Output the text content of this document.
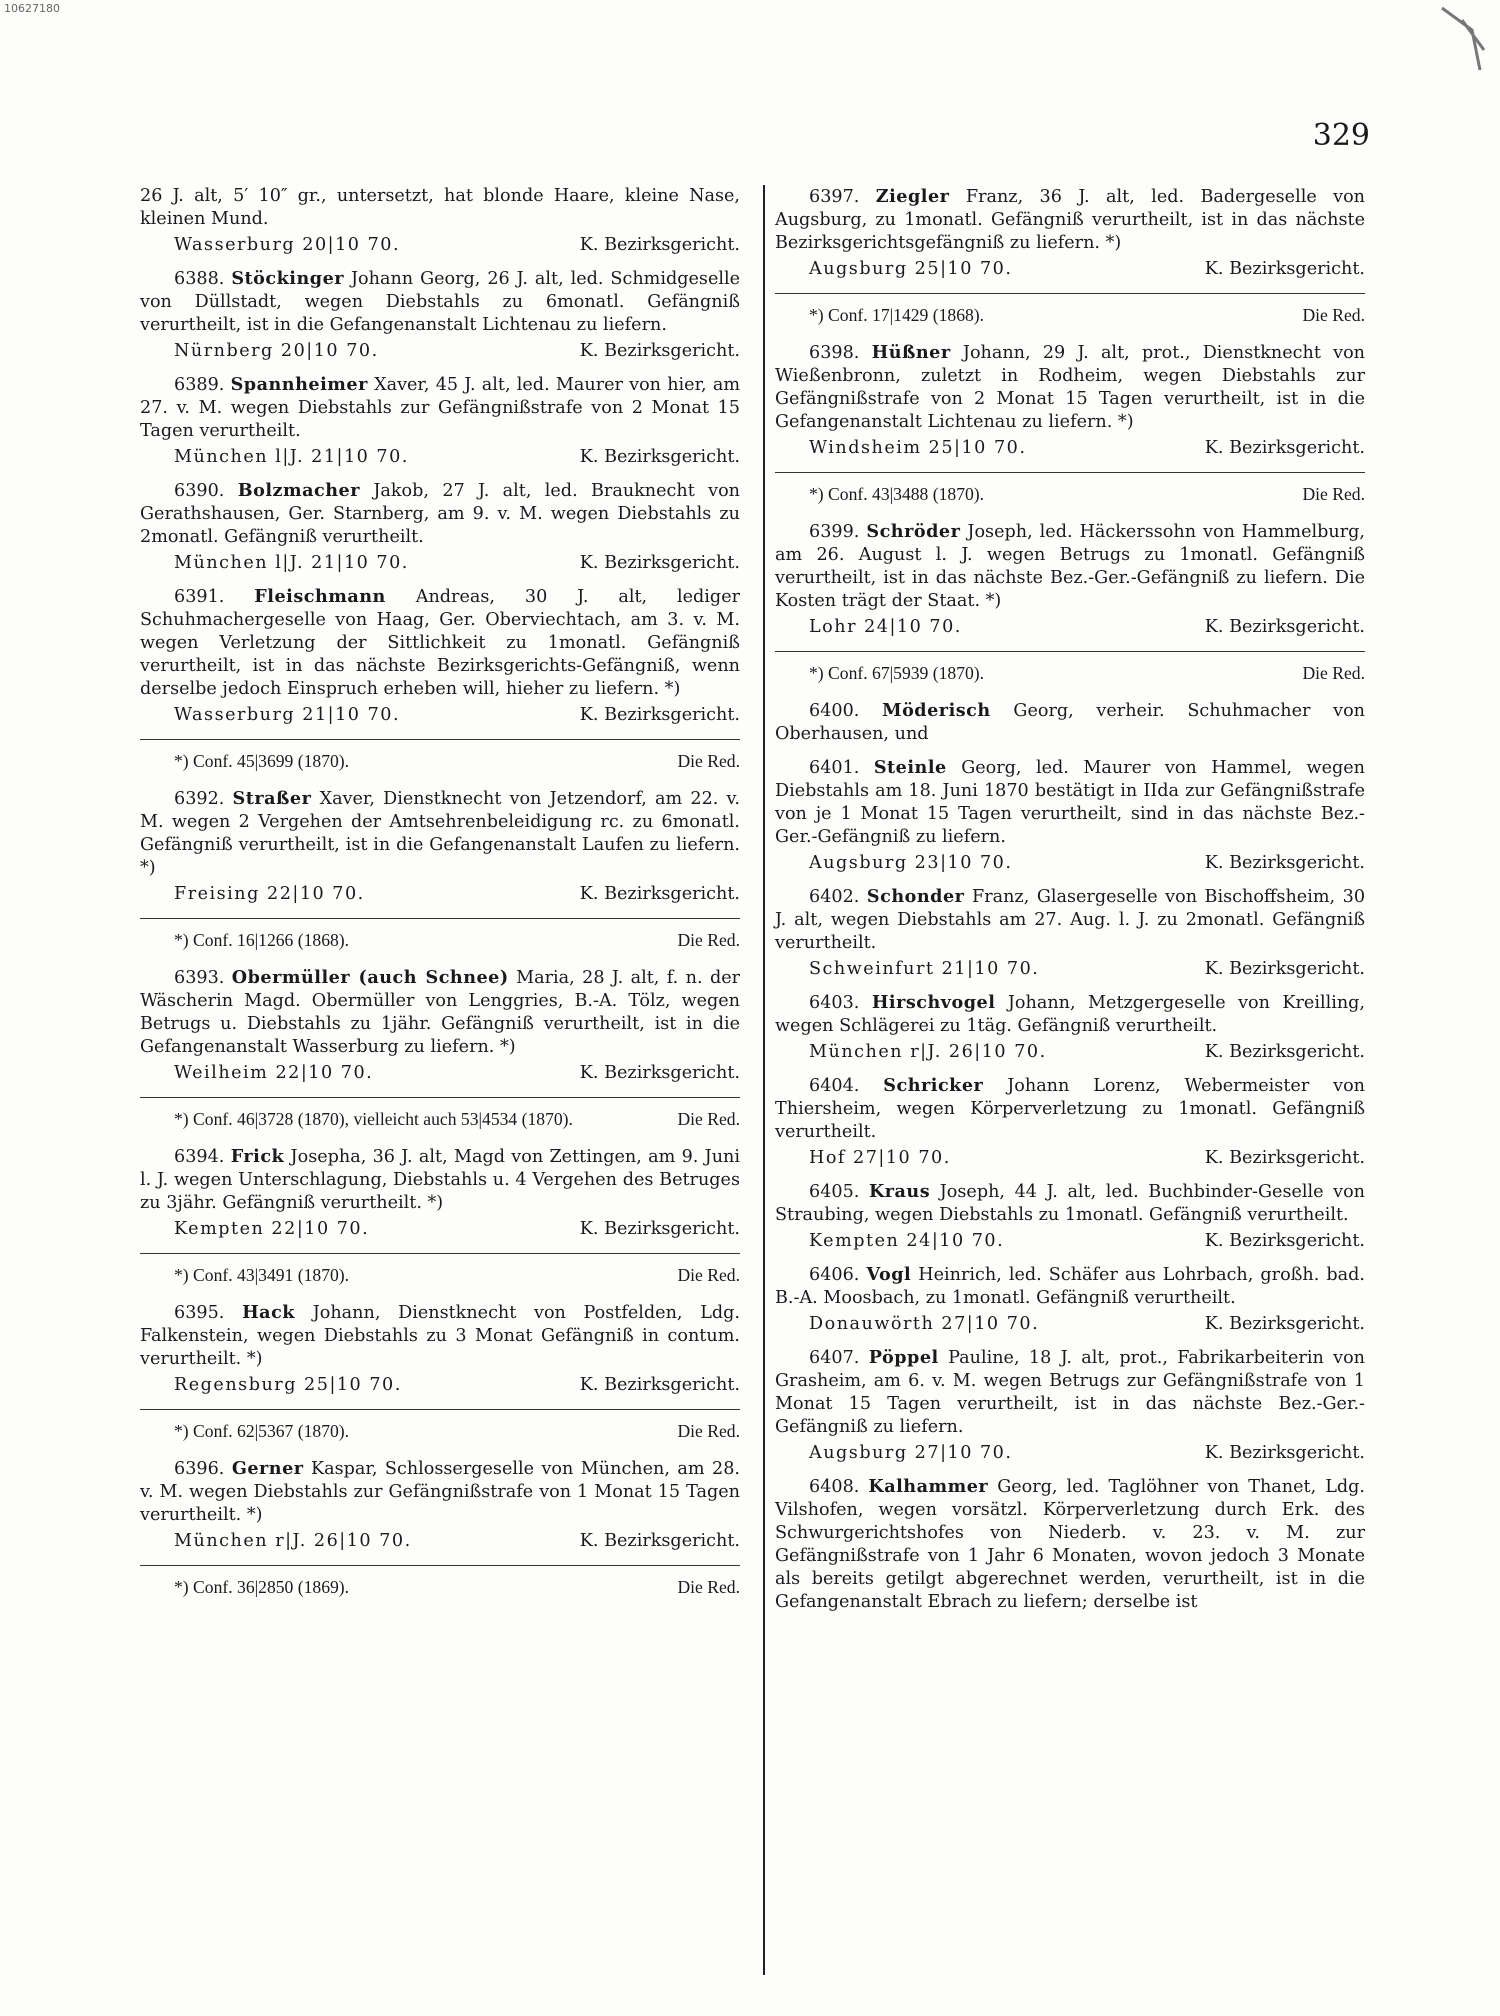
10627180
329
26 J. alt, 5′ 10″ gr., untersetzt, hat blonde Haare, kleine Nase, kleinen Mund.
Wasserburg 20|10 70.	K. Bezirksgericht.
6388. Stöckinger Johann Georg, 26 J. alt, led. Schmidgeselle von Düllstadt, wegen Diebstahls zu 6monatl. Gefängniß verurtheilt, ist in die Gefangenanstalt Lichtenau zu liefern.
Nürnberg 20|10 70.	K. Bezirksgericht.
6389. Spannheimer Xaver, 45 J. alt, led. Maurer von hier, am 27. v. M. wegen Diebstahls zur Gefängnißstrafe von 2 Monat 15 Tagen verurtheilt.
München l|J. 21|10 70.	K. Bezirksgericht.
6390. Bolzmacher Jakob, 27 J. alt, led. Brauknecht von Gerathshausen, Ger. Starnberg, am 9. v. M. wegen Diebstahls zu 2monatl. Gefängniß verurtheilt.
München l|J. 21|10 70.	K. Bezirksgericht.
6391. Fleischmann Andreas, 30 J. alt, lediger Schuhmachergeselle von Haag, Ger. Oberviechtach, am 3. v. M. wegen Verletzung der Sittlichkeit zu 1monatl. Gefängniß verurtheilt, ist in das nächste Bezirksgerichts-Gefängniß, wenn derselbe jedoch Einspruch erheben will, hieher zu liefern. *)
Wasserburg 21|10 70.	K. Bezirksgericht.
*) Conf. 45|3699 (1870).	Die Red.
6392. Straßer Xaver, Dienstknecht von Jetzendorf, am 22. v. M. wegen 2 Vergehen der Amtsehrenbeleidigung rc. zu 6monatl. Gefängniß verurtheilt, ist in die Gefangenanstalt Laufen zu liefern. *)
Freising 22|10 70.	K. Bezirksgericht.
*) Conf. 16|1266 (1868).	Die Red.
6393. Obermüller (auch Schnee) Maria, 28 J. alt, f. n. der Wäscherin Magd. Obermüller von Lenggries, B.-A. Tölz, wegen Betrugs u. Diebstahls zu 1jähr. Gefängniß verurtheilt, ist in die Gefangenanstalt Wasserburg zu liefern. *)
Weilheim 22|10 70.	K. Bezirksgericht.
*) Conf. 46|3728 (1870), vielleicht auch 53|4534 (1870).	Die Red.
6394. Frick Josepha, 36 J. alt, Magd von Zettingen, am 9. Juni l. J. wegen Unterschlagung, Diebstahls u. 4 Vergehen des Betruges zu 3jähr. Gefängniß verurtheilt. *)
Kempten 22|10 70.	K. Bezirksgericht.
*) Conf. 43|3491 (1870).	Die Red.
6395. Hack Johann, Dienstknecht von Postfelden, Ldg. Falkenstein, wegen Diebstahls zu 3 Monat Gefängniß in contum. verurtheilt. *)
Regensburg 25|10 70.	K. Bezirksgericht.
*) Conf. 62|5367 (1870).	Die Red.
6396. Gerner Kaspar, Schlossergeselle von München, am 28. v. M. wegen Diebstahls zur Gefängnißstrafe von 1 Monat 15 Tagen verurtheilt. *)
München r|J. 26|10 70.	K. Bezirksgericht.
*) Conf. 36|2850 (1869).	Die Red.
6397. Ziegler Franz, 36 J. alt, led. Badergeselle von Augsburg, zu 1monatl. Gefängniß verurtheilt, ist in das nächste Bezirksgerichtsgefängniß zu liefern. *)
Augsburg 25|10 70.	K. Bezirksgericht.
*) Conf. 17|1429 (1868).	Die Red.
6398. Hüßner Johann, 29 J. alt, prot., Dienstknecht von Wießenbronn, zuletzt in Rodheim, wegen Diebstahls zur Gefängnißstrafe von 2 Monat 15 Tagen verurtheilt, ist in die Gefangenanstalt Lichtenau zu liefern. *)
Windsheim 25|10 70.	K. Bezirksgericht.
*) Conf. 43|3488 (1870).	Die Red.
6399. Schröder Joseph, led. Häckerssohn von Hammelburg, am 26. August l. J. wegen Betrugs zu 1monatl. Gefängniß verurtheilt, ist in das nächste Bez.-Ger.-Gefängniß zu liefern. Die Kosten trägt der Staat. *)
Lohr 24|10 70.	K. Bezirksgericht.
*) Conf. 67|5939 (1870).	Die Red.
6400. Möderisch Georg, verheir. Schuhmacher von Oberhausen, und
6401. Steinle Georg, led. Maurer von Hammel, wegen Diebstahls am 18. Juni 1870 bestätigt in IIda zur Gefängnißstrafe von je 1 Monat 15 Tagen verurtheilt, sind in das nächste Bez.-Ger.-Gefängniß zu liefern.
Augsburg 23|10 70.	K. Bezirksgericht.
6402. Schonder Franz, Glasergeselle von Bischoffsheim, 30 J. alt, wegen Diebstahls am 27. Aug. l. J. zu 2monatl. Gefängniß verurtheilt.
Schweinfurt 21|10 70.	K. Bezirksgericht.
6403. Hirschvogel Johann, Metzgergeselle von Kreilling, wegen Schlägerei zu 1täg. Gefängniß verurtheilt.
München r|J. 26|10 70.	K. Bezirksgericht.
6404. Schricker Johann Lorenz, Webermeister von Thiersheim, wegen Körperverletzung zu 1monatl. Gefängniß verurtheilt.
Hof 27|10 70.	K. Bezirksgericht.
6405. Kraus Joseph, 44 J. alt, led. Buchbinder-Geselle von Straubing, wegen Diebstahls zu 1monatl. Gefängniß verurtheilt.
Kempten 24|10 70.	K. Bezirksgericht.
6406. Vogl Heinrich, led. Schäfer aus Lohrbach, großh. bad. B.-A. Moosbach, zu 1monatl. Gefängniß verurtheilt.
Donauwörth 27|10 70.	K. Bezirksgericht.
6407. Pöppel Pauline, 18 J. alt, prot., Fabrikarbeiterin von Grasheim, am 6. v. M. wegen Betrugs zur Gefängnißstrafe von 1 Monat 15 Tagen verurtheilt, ist in das nächste Bez.-Ger.-Gefängniß zu liefern.
Augsburg 27|10 70.	K. Bezirksgericht.
6408. Kalhammer Georg, led. Taglöhner von Thanet, Ldg. Vilshofen, wegen vorsätzl. Körperverletzung durch Erk. des Schwurgerichtshofes von Niederb. v. 23. v. M. zur Gefängnißstrafe von 1 Jahr 6 Monaten, wovon jedoch 3 Monate als bereits getilgt abgerechnet werden, verurtheilt, ist in die Gefangenanstalt Ebrach zu liefern; derselbe ist
